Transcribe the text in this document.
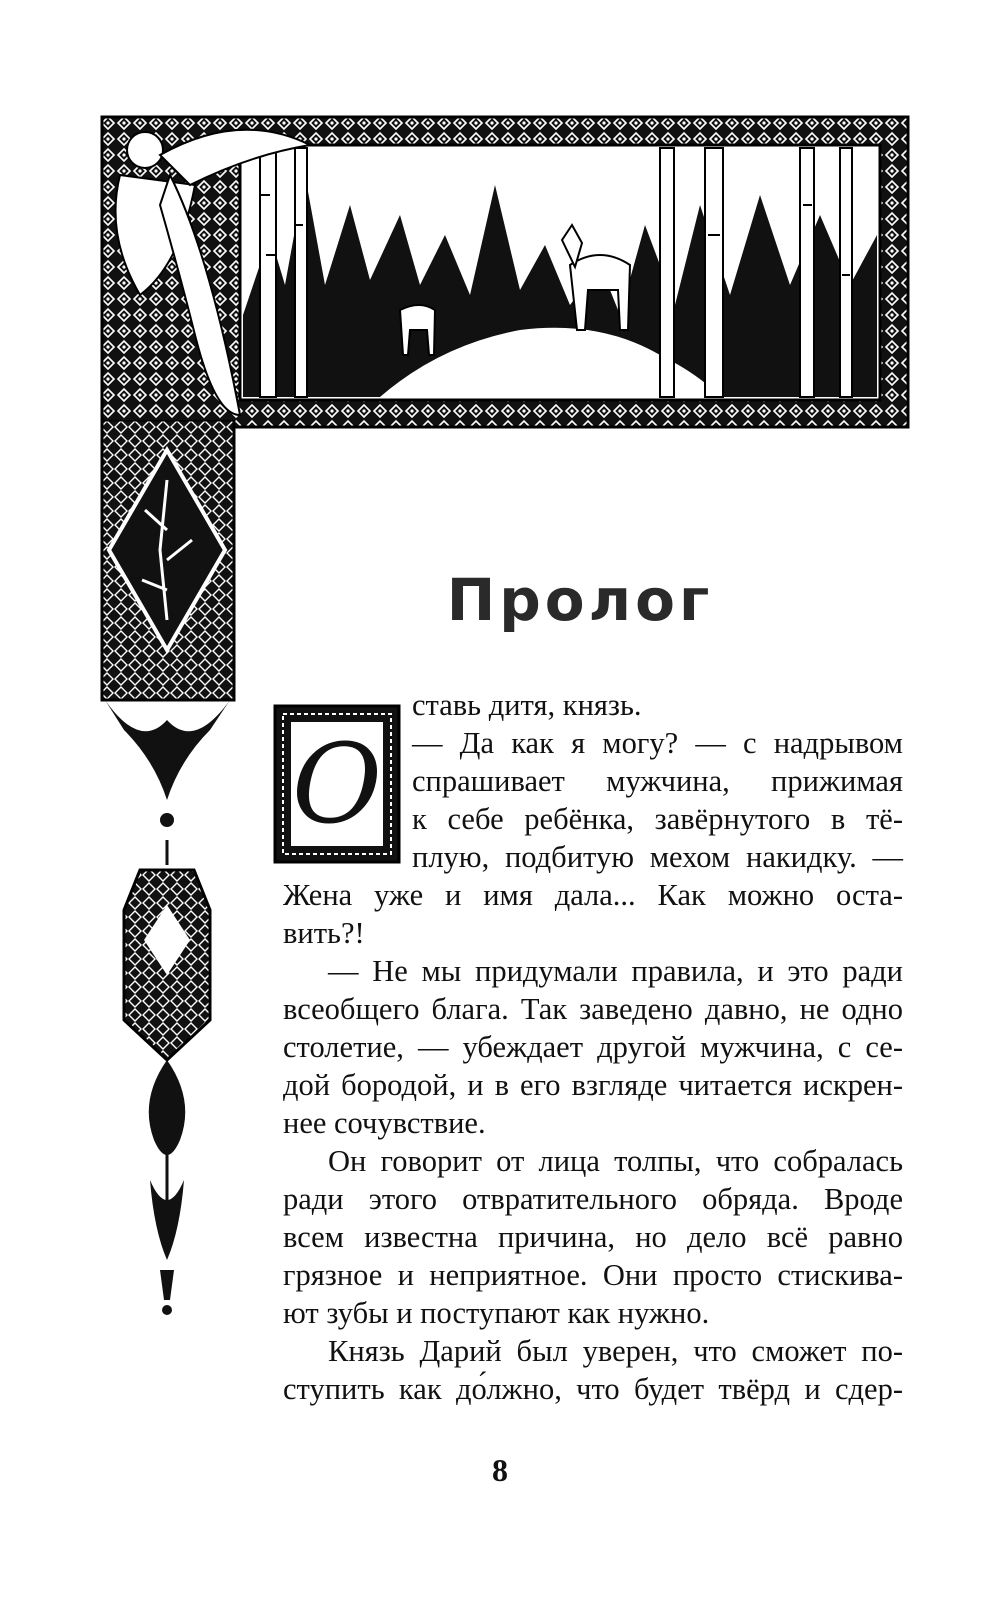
Пролог
О

ставь дитя, князь.

— Да как я могу? — с надрывом

спрашивает мужчина, прижимая

к себе ребёнка, завёрнутого в тё-

плую, подбитую мехом накидку. —

Жена уже и имя дала... Как можно оста-

вить?!

— Не мы придумали правила, и это ради

всеобщего блага. Так заведено давно, не одно

столетие, — убеждает другой мужчина, с се-

дой бородой, и в его взгляде читается искрен-

нее сочувствие.

Он говорит от лица толпы, что собралась

ради этого отвратительного обряда. Вроде

всем известна причина, но дело всё равно

грязное и неприятное. Они просто стискива-

ют зубы и поступают как нужно.

Князь Дарий был уверен, что сможет по-

ступить как до́лжно, что будет твёрд и сдер-

8
